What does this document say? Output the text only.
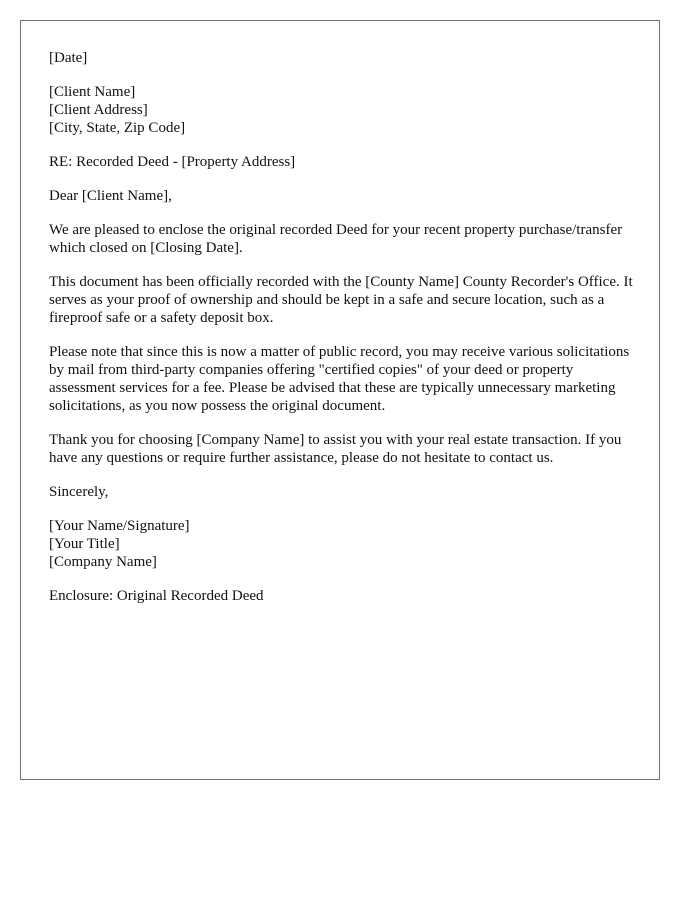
[Date]
[Client Name]
[Client Address]
[City, State, Zip Code]
RE: Recorded Deed - [Property Address]
Dear [Client Name],

We are pleased to enclose the original recorded Deed for your recent property purchase/transfer which closed on [Closing Date].

This document has been officially recorded with the [County Name] County Recorder's Office. It serves as your proof of ownership and should be kept in a safe and secure location, such as a fireproof safe or a safety deposit box.

Please note that since this is now a matter of public record, you may receive various solicitations by mail from third-party companies offering "certified copies" of your deed or property assessment services for a fee. Please be advised that these are typically unnecessary marketing solicitations, as you now possess the original document.

Thank you for choosing [Company Name] to assist you with your real estate transaction. If you have any questions or require further assistance, please do not hesitate to contact us.

Sincerely,
[Your Name/Signature]
[Your Title]
[Company Name]
Enclosure: Original Recorded Deed
